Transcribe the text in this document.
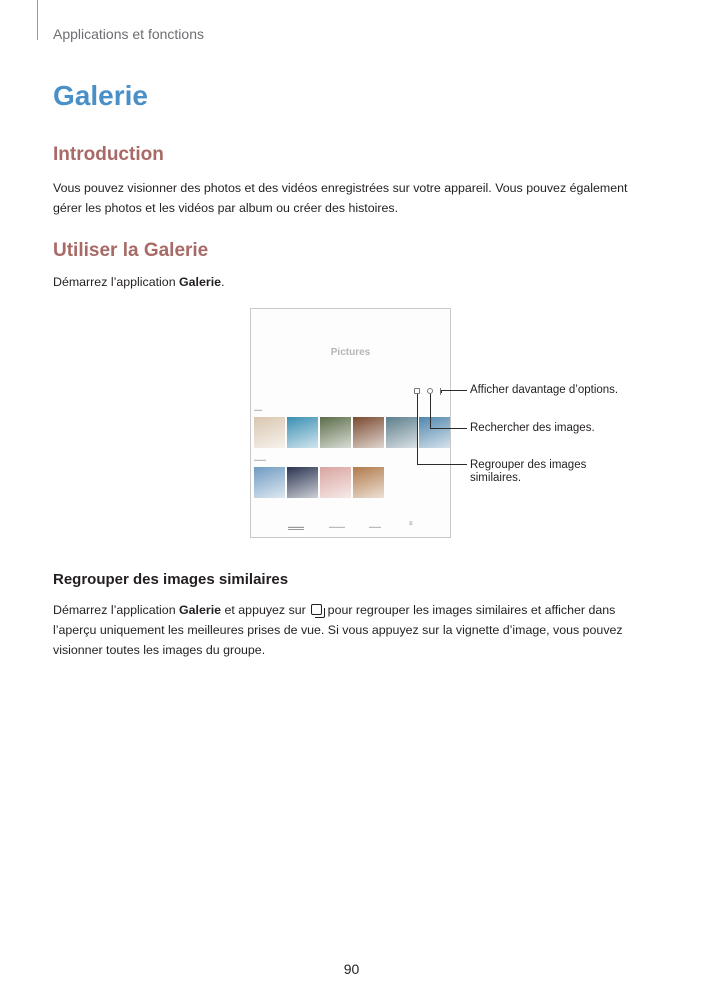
Applications et fonctions
Galerie
Introduction

Vous pouvez visionner des photos et des vidéos enregistrées sur votre appareil. Vous pouvez également gérer les photos et les vidéos par album ou créer des histoires.

Utiliser la Galerie

Démarrez l’application Galerie.

Pictures
▬▬
▬▬▬
▬▬▬▬	▬▬▬▬	▬▬▬	≡
Afficher davantage d’options.
Rechercher des images.
Regrouper des images
similaires.
Regrouper des images similaires

Démarrez l’application Galerie et appuyez sur  pour regrouper les images similaires et afficher dans l’aperçu uniquement les meilleures prises de vue. Si vous appuyez sur la vignette d’image, vous pouvez visionner toutes les images du groupe.

90
